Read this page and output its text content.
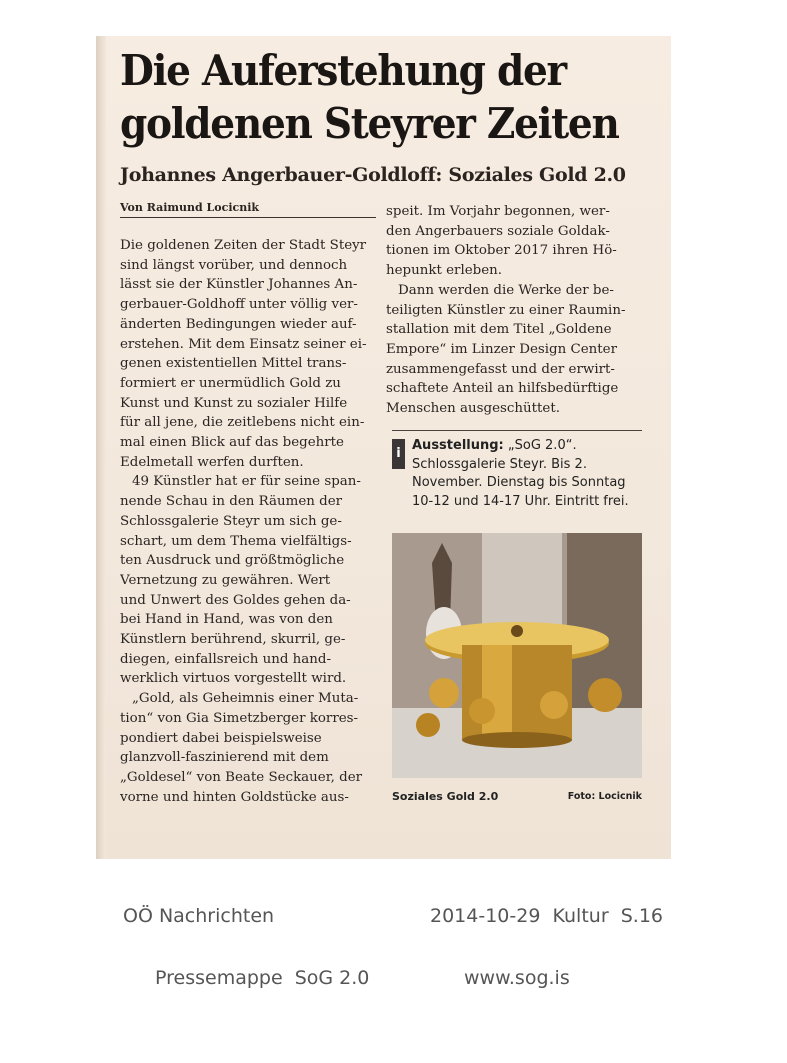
Die Auferstehung der
goldenen Steyrer Zeiten
Johannes Angerbauer-Goldloff: Soziales Gold 2.0
Von Raimund Locicnik
Die goldenen Zeiten der Stadt Steyr
sind längst vorüber, und dennoch
lässt sie der Künstler Johannes An-
gerbauer-Goldhoff unter völlig ver-
änderten Bedingungen wieder auf-
erstehen. Mit dem Einsatz seiner ei-
genen existentiellen Mittel trans-
formiert er unermüdlich Gold zu
Kunst und Kunst zu sozialer Hilfe
für all jene, die zeitlebens nicht ein-
mal einen Blick auf das begehrte
Edelmetall werfen durften.
49 Künstler hat er für seine span-
nende Schau in den Räumen der
Schlossgalerie Steyr um sich ge-
schart, um dem Thema vielfältigs-
ten Ausdruck und größtmögliche
Vernetzung zu gewähren. Wert
und Unwert des Goldes gehen da-
bei Hand in Hand, was von den
Künstlern berührend, skurril, ge-
diegen, einfallsreich und hand-
werklich virtuos vorgestellt wird.
„Gold, als Geheimnis einer Muta-
tion“ von Gia Simetzberger korres-
pondiert dabei beispielsweise
glanzvoll-faszinierend mit dem
„Goldesel“ von Beate Seckauer, der
vorne und hinten Goldstücke aus-
speit. Im Vorjahr begonnen, wer-
den Angerbauers soziale Goldak-
tionen im Oktober 2017 ihren Hö-
hepunkt erleben.
Dann werden die Werke der be-
teiligten Künstler zu einer Raumin-
stallation mit dem Titel „Goldene
Empore“ im Linzer Design Center
zusammengefasst und der erwirt-
schaftete Anteil an hilfsbedürftige
Menschen ausgeschüttet.
i
Ausstellung: „SoG 2.0“.
Schlossgalerie Steyr. Bis 2.
November. Dienstag bis Sonntag
10-12 und 14-17 Uhr. Eintritt frei.
Soziales Gold 2.0	Foto: Locicnik
OÖ Nachrichten	2014-10-29  Kultur  S.16
Pressemappe  SoG 2.0	www.sog.is
